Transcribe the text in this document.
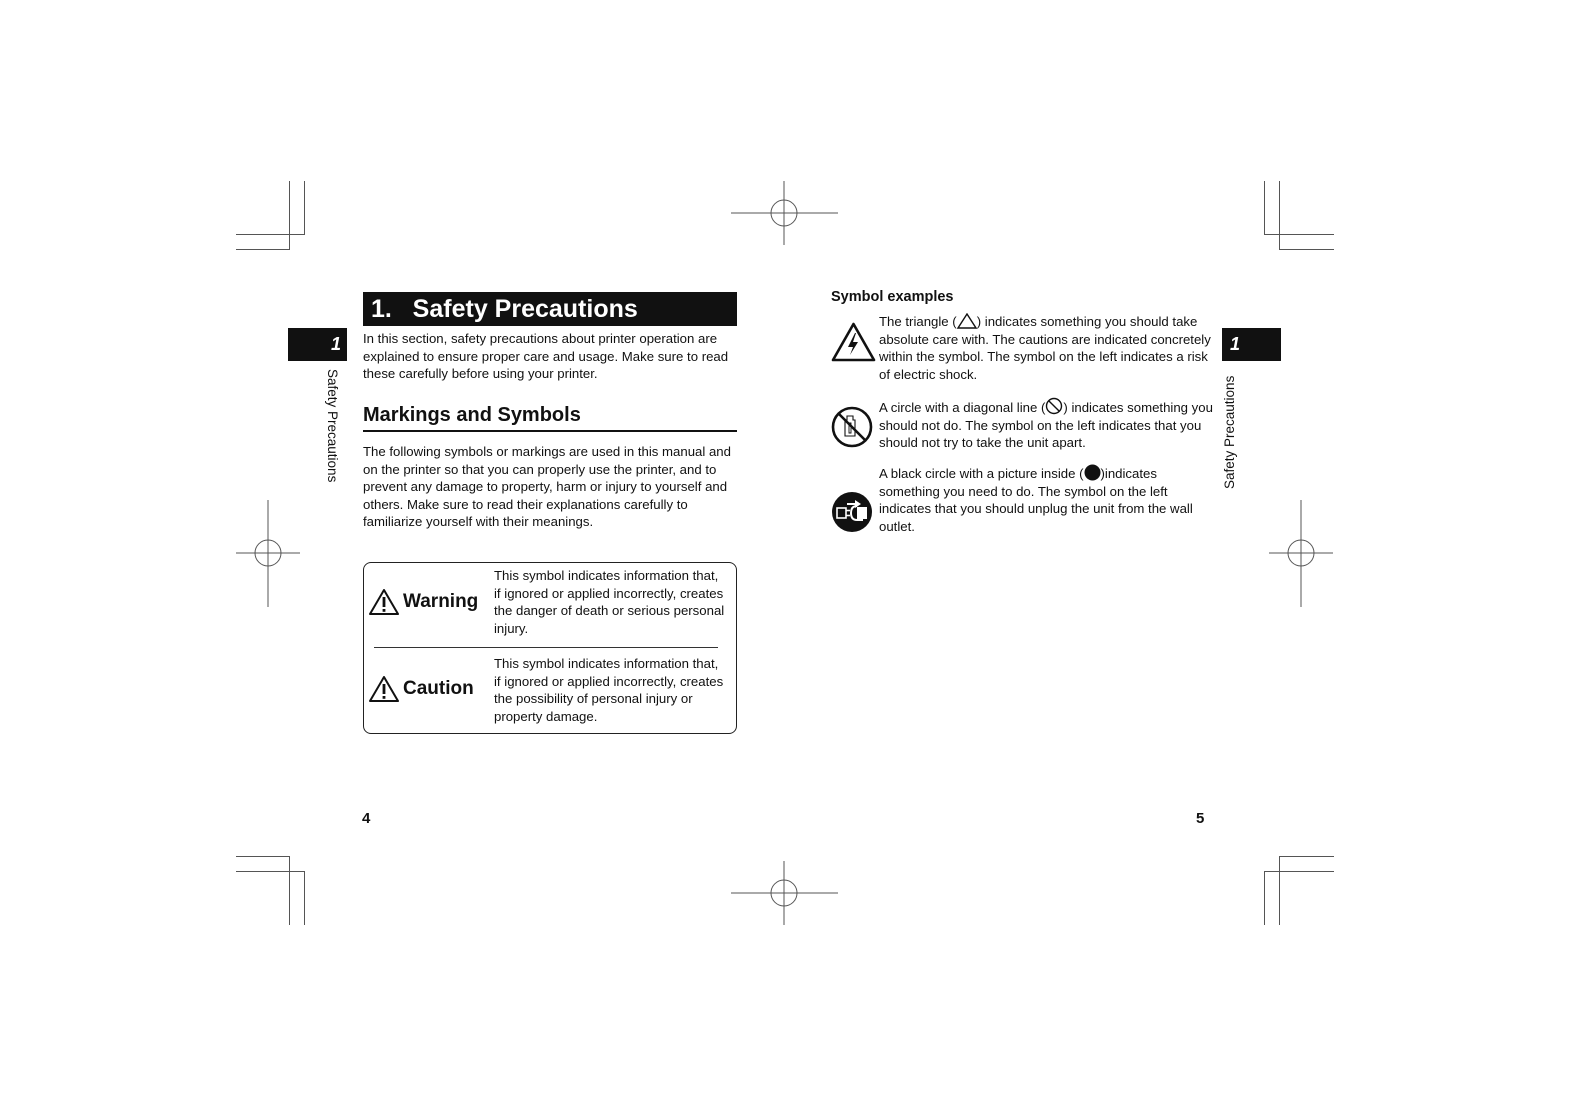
1
Safety Precautions
1.   Safety Precautions
In this section, safety precautions about printer operation are explained to ensure proper care and usage. Make sure to read these carefully before using your printer.
Markings and Symbols
The following symbols or markings are used in this manual and on the printer so that you can properly use the printer, and to prevent any damage to property, harm or injury to yourself and others. Make sure to read their explanations carefully to familiarize yourself with their meanings.
Warning
This symbol indicates information that, if ignored or applied incorrectly, creates the danger of death or serious personal injury.
Caution
This symbol indicates information that, if ignored or applied incorrectly, creates the possibility of personal injury or property damage.
4
Symbol examples
The triangle ( ) indicates something you should take absolute care with. The cautions are indicated concretely within the symbol. The symbol on the left indicates a risk of electric shock.
A circle with a diagonal line ( ) indicates something you should not do. The symbol on the left indicates that you should not try to take the unit apart.
A black circle with a picture inside ( )indicates something you need to do. The symbol on the left indicates that you should unplug the unit from the wall outlet.
1
Safety Precautions
5
